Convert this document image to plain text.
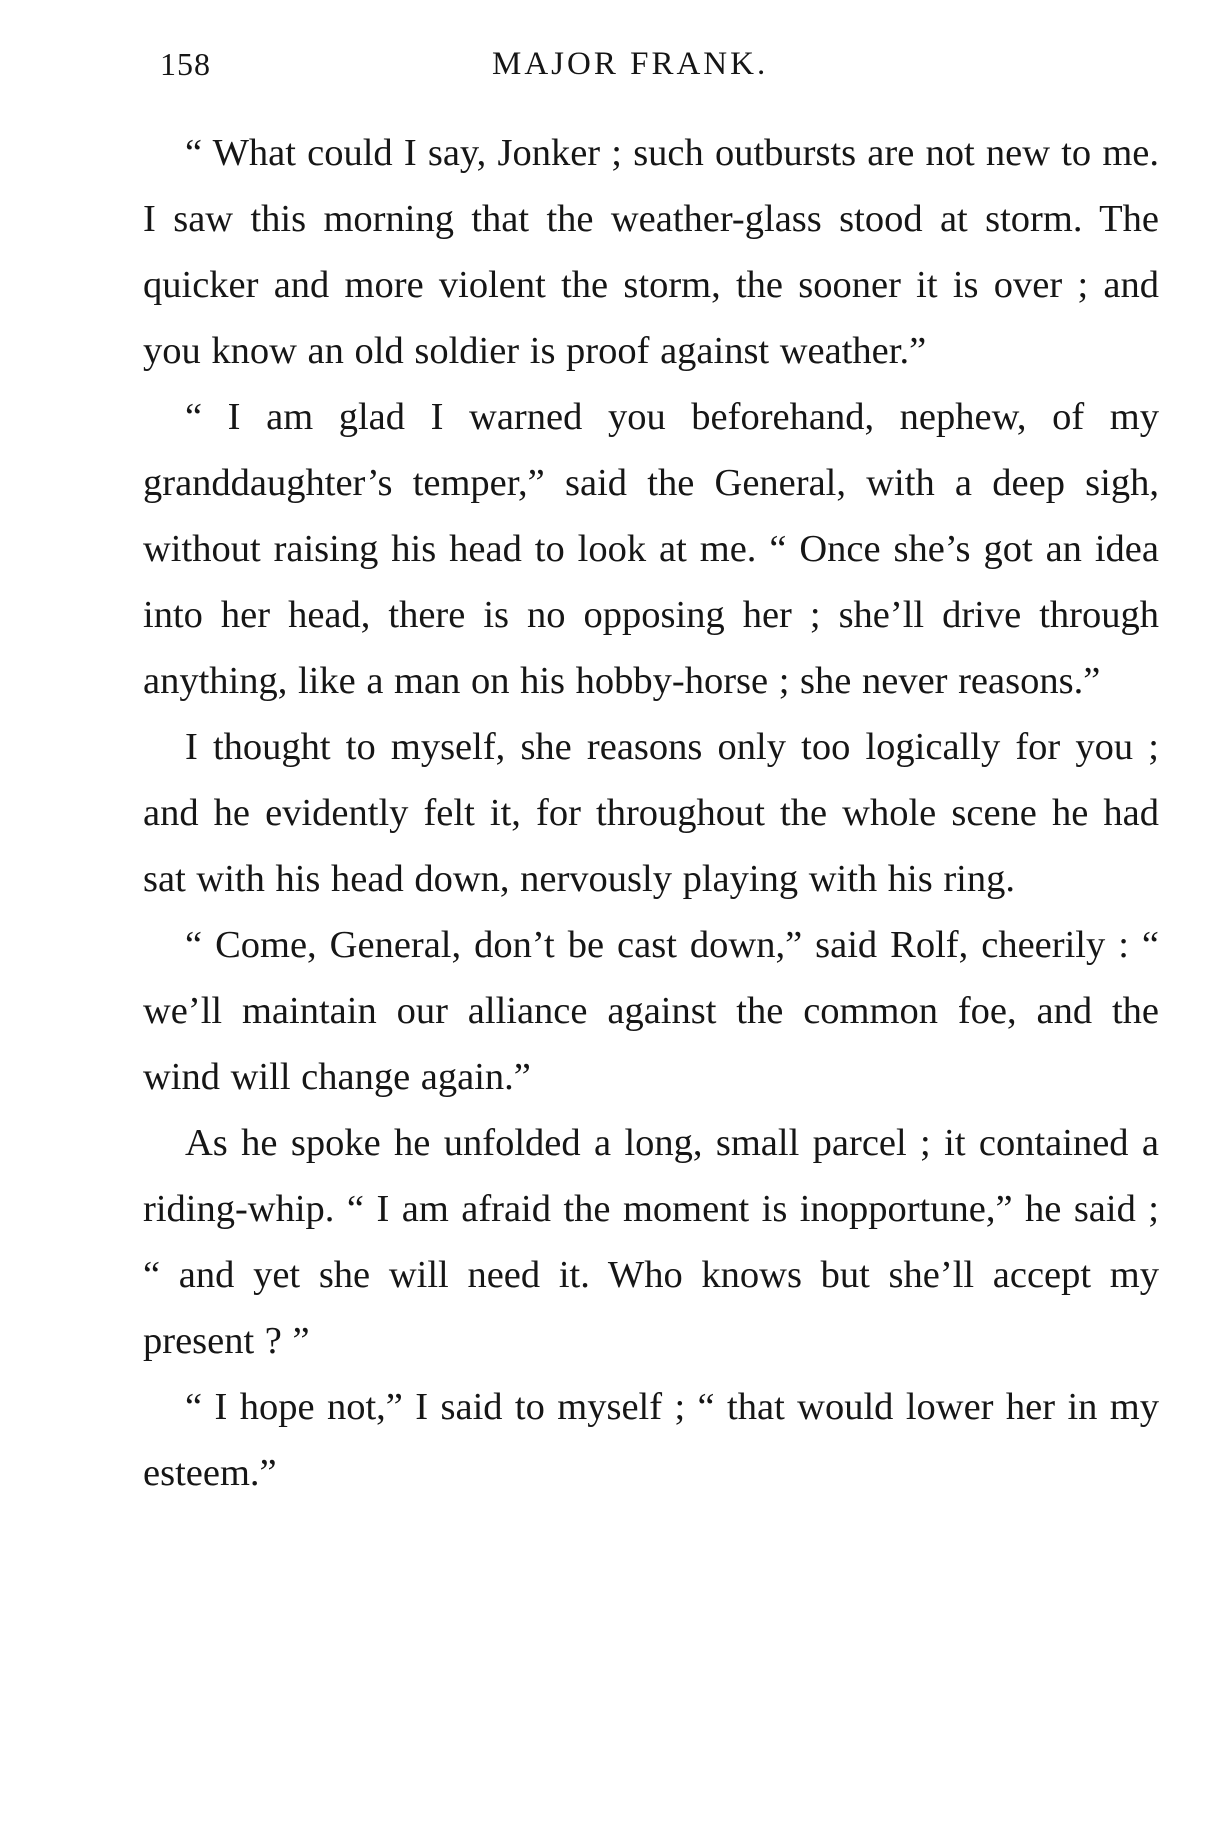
158	MAJOR FRANK.

“ What could I say, Jonker ; such outbursts are not new to me. I saw this morning that the weather-glass stood at storm. The quicker and more violent the storm, the sooner it is over ; and you know an old soldier is proof against weather.”

“ I am glad I warned you beforehand, nephew, of my granddaughter’s temper,” said the General, with a deep sigh, without raising his head to look at me. “ Once she’s got an idea into her head, there is no opposing her ; she’ll drive through anything, like a man on his hobby-horse ; she never reasons.”

I thought to myself, she reasons only too logically for you ; and he evidently felt it, for throughout the whole scene he had sat with his head down, nervously playing with his ring.

“ Come, General, don’t be cast down,” said Rolf, cheerily : “ we’ll maintain our alliance against the common foe, and the wind will change again.”

As he spoke he unfolded a long, small parcel ; it contained a riding-whip. “ I am afraid the moment is inopportune,” he said ; “ and yet she will need it. Who knows but she’ll accept my present ? ”

“ I hope not,” I said to myself ; “ that would lower her in my esteem.”
